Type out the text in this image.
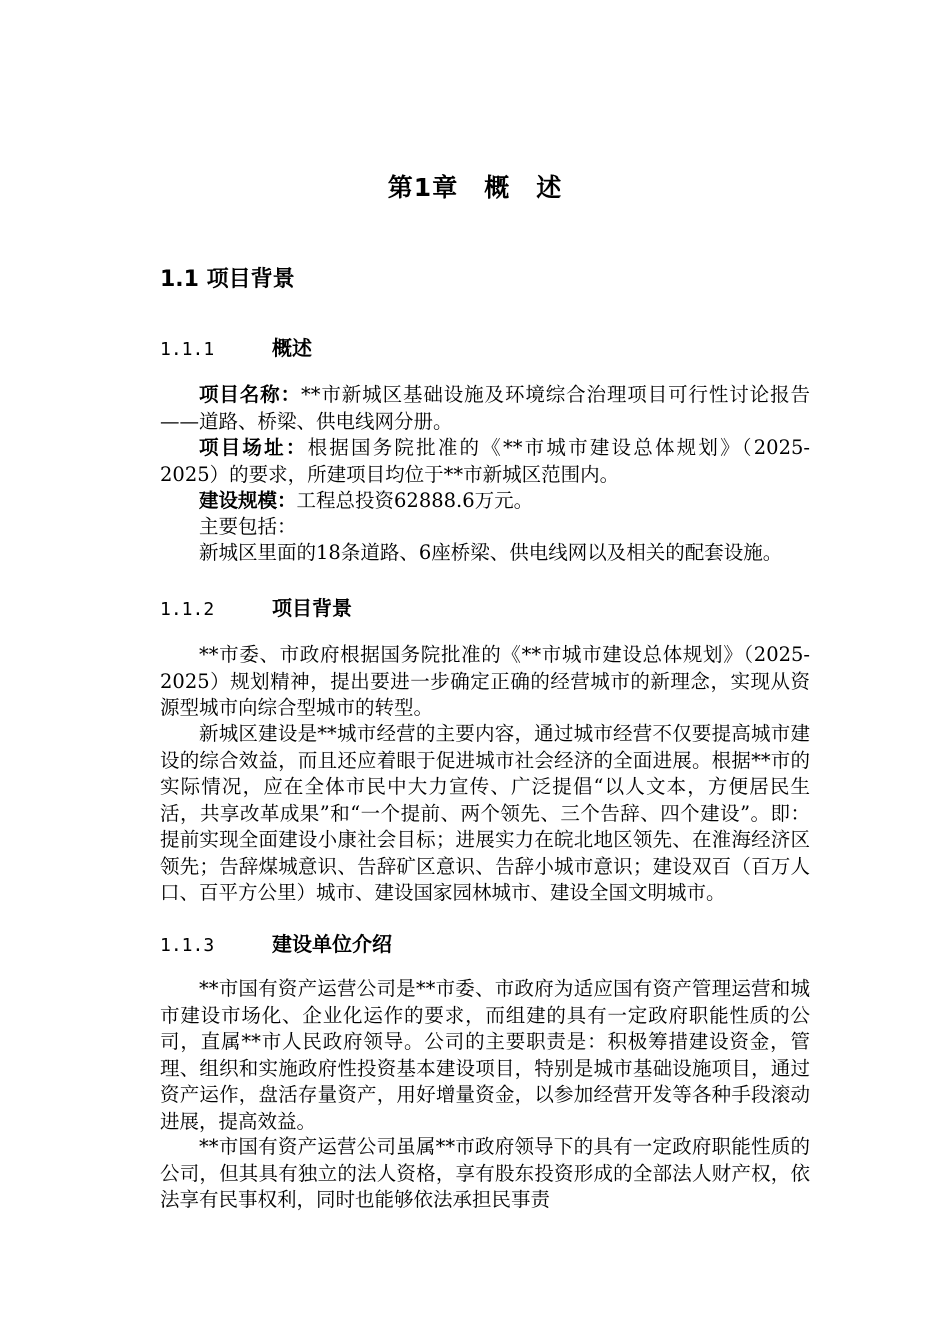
第1章　概　述
1.1 项目背景
1.1.1	概述

项目名称：**市新城区基础设施及环境综合治理项目可行性讨论报告——道路、桥梁、供电线网分册。

项目场址：根据国务院批准的《**市城市建设总体规划》（2025-2025）的要求，所建项目均位于**市新城区范围内。

建设规模：工程总投资62888.6万元。

主要包括：

新城区里面的18条道路、6座桥梁、供电线网以及相关的配套设施。

1.1.2	项目背景

**市委、市政府根据国务院批准的《**市城市建设总体规划》（2025-2025）规划精神，提出要进一步确定正确的经营城市的新理念，实现从资源型城市向综合型城市的转型。

新城区建设是**城市经营的主要内容，通过城市经营不仅要提高城市建设的综合效益，而且还应着眼于促进城市社会经济的全面进展。根据**市的实际情况，应在全体市民中大力宣传、广泛提倡“以人文本，方便居民生活，共享改革成果”和“一个提前、两个领先、三个告辞、四个建设”。即：提前实现全面建设小康社会目标；进展实力在皖北地区领先、在淮海经济区领先；告辞煤城意识、告辞矿区意识、告辞小城市意识；建设双百（百万人口、百平方公里）城市、建设国家园林城市、建设全国文明城市。

1.1.3	建设单位介绍

**市国有资产运营公司是**市委、市政府为适应国有资产管理运营和城市建设市场化、企业化运作的要求，而组建的具有一定政府职能性质的公司，直属**市人民政府领导。公司的主要职责是：积极筹措建设资金，管理、组织和实施政府性投资基本建设项目，特别是城市基础设施项目，通过资产运作，盘活存量资产，用好增量资金，以参加经营开发等各种手段滚动进展，提高效益。

**市国有资产运营公司虽属**市政府领导下的具有一定政府职能性质的公司，但其具有独立的法人资格，享有股东投资形成的全部法人财产权，依法享有民事权利，同时也能够依法承担民事责
